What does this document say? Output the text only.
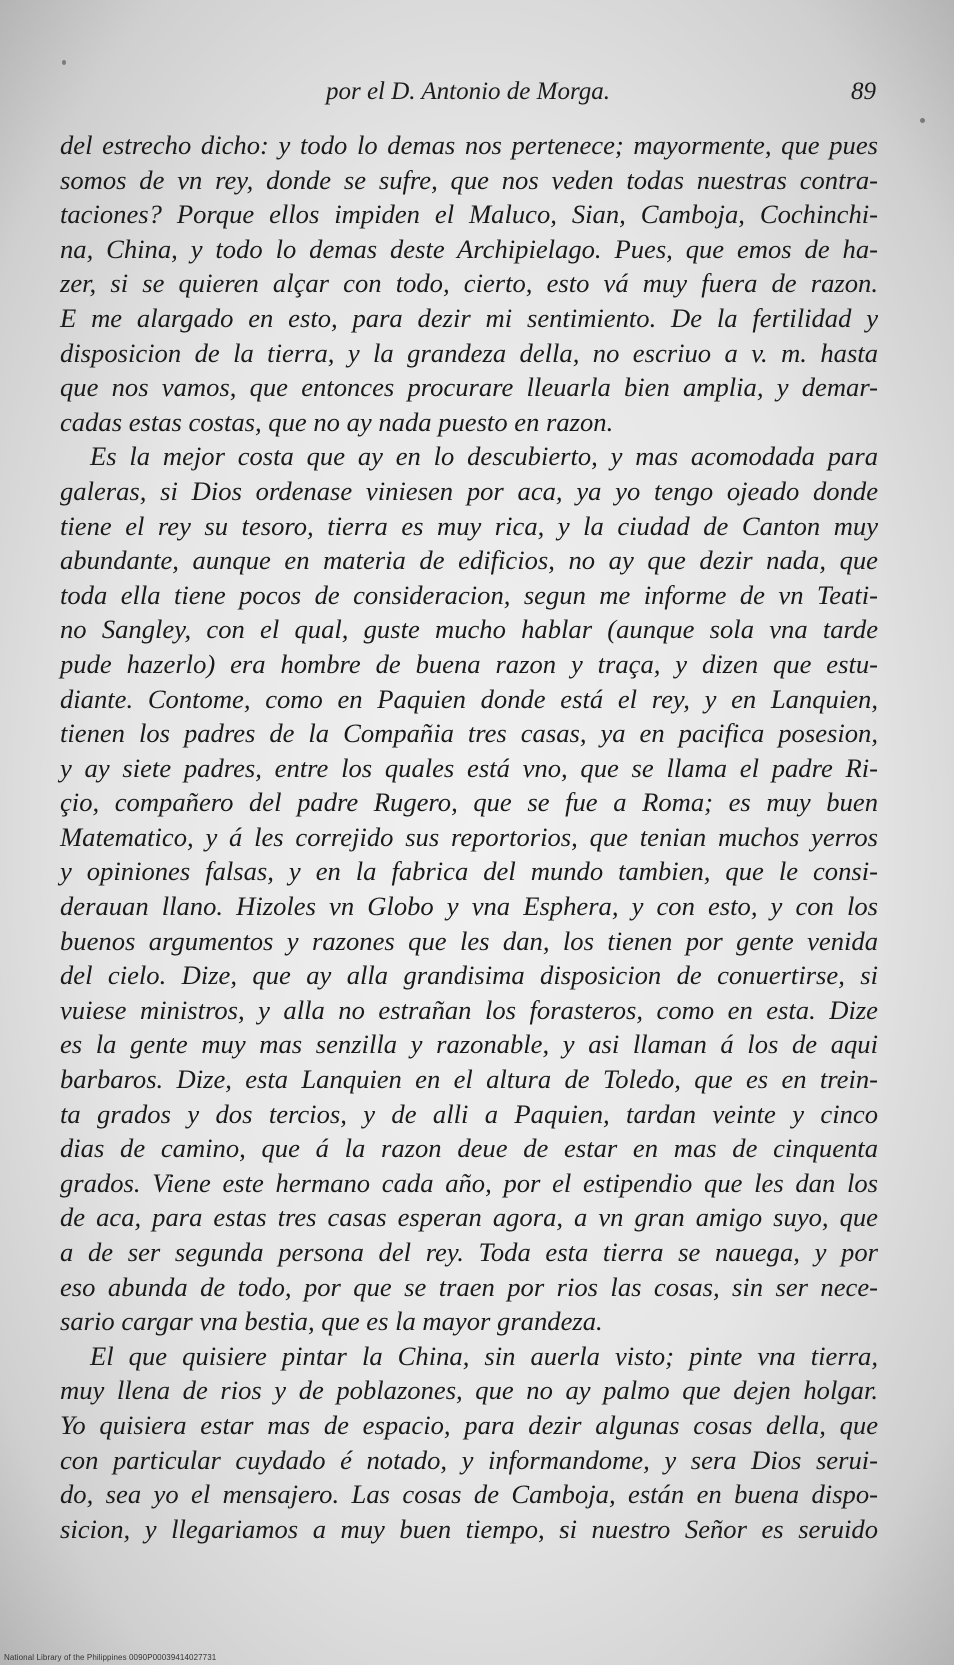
por el D. Antonio de Morga.	89
del estrecho dicho: y todo lo demas nos pertenece; mayormente, que pues
somos de vn rey, donde se sufre, que nos veden todas nuestras contra-
taciones? Porque ellos impiden el Maluco, Sian, Camboja, Cochinchi-
na, China, y todo lo demas deste Archipielago. Pues, que emos de ha-
zer, si se quieren alçar con todo, cierto, esto vá muy fuera de razon.
E me alargado en esto, para dezir mi sentimiento. De la fertilidad y
disposicion de la tierra, y la grandeza della, no escriuo a v. m. hasta
que nos vamos, que entonces procurare lleuarla bien amplia, y demar-
cadas estas costas, que no ay nada puesto en razon.
Es la mejor costa que ay en lo descubierto, y mas acomodada para
galeras, si Dios ordenase viniesen por aca, ya yo tengo ojeado donde
tiene el rey su tesoro, tierra es muy rica, y la ciudad de Canton muy
abundante, aunque en materia de edificios, no ay que dezir nada, que
toda ella tiene pocos de consideracion, segun me informe de vn Teati-
no Sangley, con el qual, guste mucho hablar (aunque sola vna tarde
pude hazerlo) era hombre de buena razon y traça, y dizen que estu-
diante. Contome, como en Paquien donde está el rey, y en Lanquien,
tienen los padres de la Compañia tres casas, ya en pacifica posesion,
y ay siete padres, entre los quales está vno, que se llama el padre Ri-
çio, compañero del padre Rugero, que se fue a Roma; es muy buen
Matematico, y á les correjido sus reportorios, que tenian muchos yerros
y opiniones falsas, y en la fabrica del mundo tambien, que le consi-
derauan llano. Hizoles vn Globo y vna Esphera, y con esto, y con los
buenos argumentos y razones que les dan, los tienen por gente venida
del cielo. Dize, que ay alla grandisima disposicion de conuertirse, si
vuiese ministros, y alla no estrañan los forasteros, como en esta. Dize
es la gente muy mas senzilla y razonable, y asi llaman á los de aqui
barbaros. Dize, esta Lanquien en el altura de Toledo, que es en trein-
ta grados y dos tercios, y de alli a Paquien, tardan veinte y cinco
dias de camino, que á la razon deue de estar en mas de cinquenta
grados. Viene este hermano cada año, por el estipendio que les dan los
de aca, para estas tres casas esperan agora, a vn gran amigo suyo, que
a de ser segunda persona del rey. Toda esta tierra se nauega, y por
eso abunda de todo, por que se traen por rios las cosas, sin ser nece-
sario cargar vna bestia, que es la mayor grandeza.
El que quisiere pintar la China, sin auerla visto; pinte vna tierra,
muy llena de rios y de poblazones, que no ay palmo que dejen holgar.
Yo quisiera estar mas de espacio, para dezir algunas cosas della, que
con particular cuydado é notado, y informandome, y sera Dios serui-
do, sea yo el mensajero. Las cosas de Camboja, están en buena dispo-
sicion, y llegariamos a muy buen tiempo, si nuestro Señor es seruido
National Library of the Philippines 0090P00039414027731
